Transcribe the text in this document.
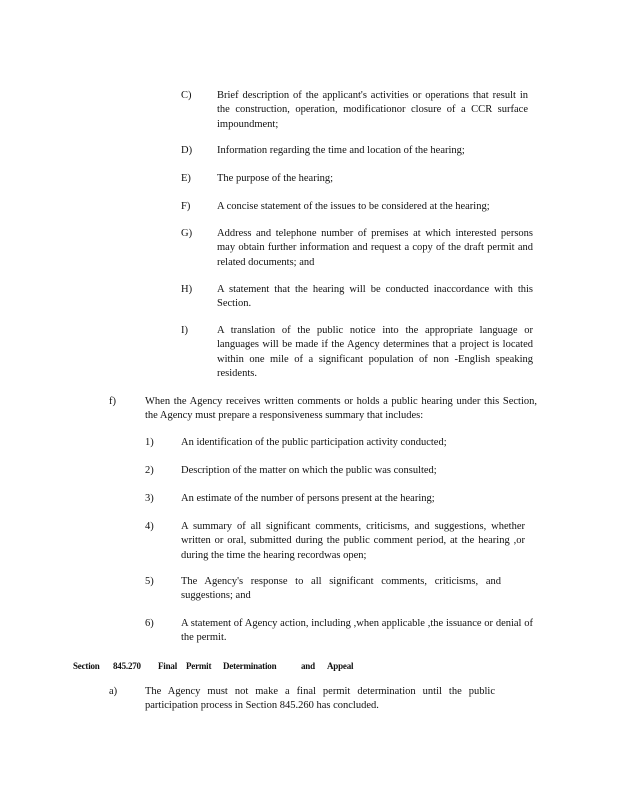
C) Brief description of the applicant's activities or operations that result in the construction, operation, modificationor closure of a CCR surface impoundment;

D) Information regarding the time and location of the hearing;

E) The purpose of the hearing;

F)	A concise statement of the issues to be considered at the hearing;

G) Address and telephone number of premises at which interested persons may obtain further information and request a copy of the draft permit and related documents; and

H) A statement that the hearing will be conducted inaccordance with this Section.

I)	A translation of the public notice into the appropriate language or languages will be made if the Agency determines that a project is located within one mile of a significant population of non -English speaking residents.

f)	When the Agency receives written comments or holds a public hearing under this Section, the Agency must prepare a responsiveness summary that includes:

1)	An identification of the public participation activity conducted;

2)	Description of the matter on which the public was consulted;

3)	An estimate of the number of persons present at the hearing;

4)	A summary of all significant comments, criticisms, and suggestions, whether written or oral, submitted during the public comment period, at the hearing ,or during the time the hearing recordwas open;

5)	The Agency's response to all significant comments, criticisms, and suggestions; and

6)	A statement of Agency action, including ,when applicable ,the issuance or denial of the permit.

Section 845.270 Final Permit Determination	and Appeal

a)	The Agency must not make a final permit determination until the public participation process in Section 845.260 has concluded.
